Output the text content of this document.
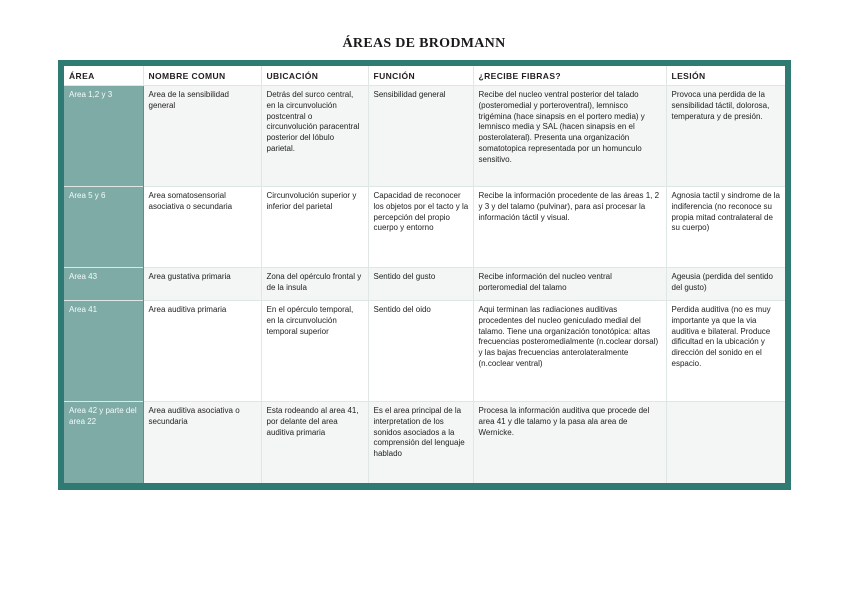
ÁREAS DE BRODMANN
ÁREA	NOMBRE COMUN	UBICACIÓN	FUNCIÓN	¿RECIBE FIBRAS?	LESIÓN
Area 1,2 y 3	Area de la sensibilidad general	Detrás del surco central, en la circunvolución postcentral o circunvolución paracentral posterior del lóbulo parietal.	Sensibilidad general	Recibe del nucleo ventral posterior del talado (posteromedial y porteroventral), lemnisco trigémina (hace sinapsis en el portero media) y lemnisco media y SAL (hacen sinapsis en el posterolateral). Presenta una organización somatotopica representada por un homunculo sensitivo.	Provoca una perdida de la sensibilidad táctil, dolorosa, temperatura y de presión.
Area 5 y 6	Area somatosensorial asociativa o secundaria	Circunvolución superior y inferior del parietal	Capacidad de reconocer los objetos por el tacto y la percepción del propio cuerpo y entorno	Recibe la información procedente de las áreas 1, 2 y 3 y del talamo (pulvinar), para así procesar la información táctil y visual.	Agnosia tactil y sindrome de la indiferencia (no reconoce su propia mitad contralateral de su cuerpo)
Area 43	Area gustativa primaria	Zona del opérculo frontal y de la insula	Sentido del gusto	Recibe información del nucleo ventral porteromedial del talamo	Ageusia (perdida del sentido del gusto)
Area 41	Area auditiva primaria	En el opérculo temporal, en la circunvolución temporal superior	Sentido del oido	Aqui terminan las radiaciones auditivas procedentes del nucleo geniculado medial del talamo. Tiene una organización tonotópica: altas frecuencias posteromedialmente (n.coclear dorsal) y las bajas frecuencias anterolateralmente (n.coclear ventral)	Perdida auditiva (no es muy importante ya que la via auditiva e bilateral. Produce dificultad en la ubicación y dirección del sonido en el espacio.
Area 42 y parte del area 22	Area auditiva asociativa o secundaria	Esta rodeando al area 41, por delante del area auditiva primaria	Es el area principal de la interpretation de los sonidos asociados a la comprensión del lenguaje hablado	Procesa la información auditiva que procede del area 41 y dle talamo y la pasa ala area de Wernicke.	
